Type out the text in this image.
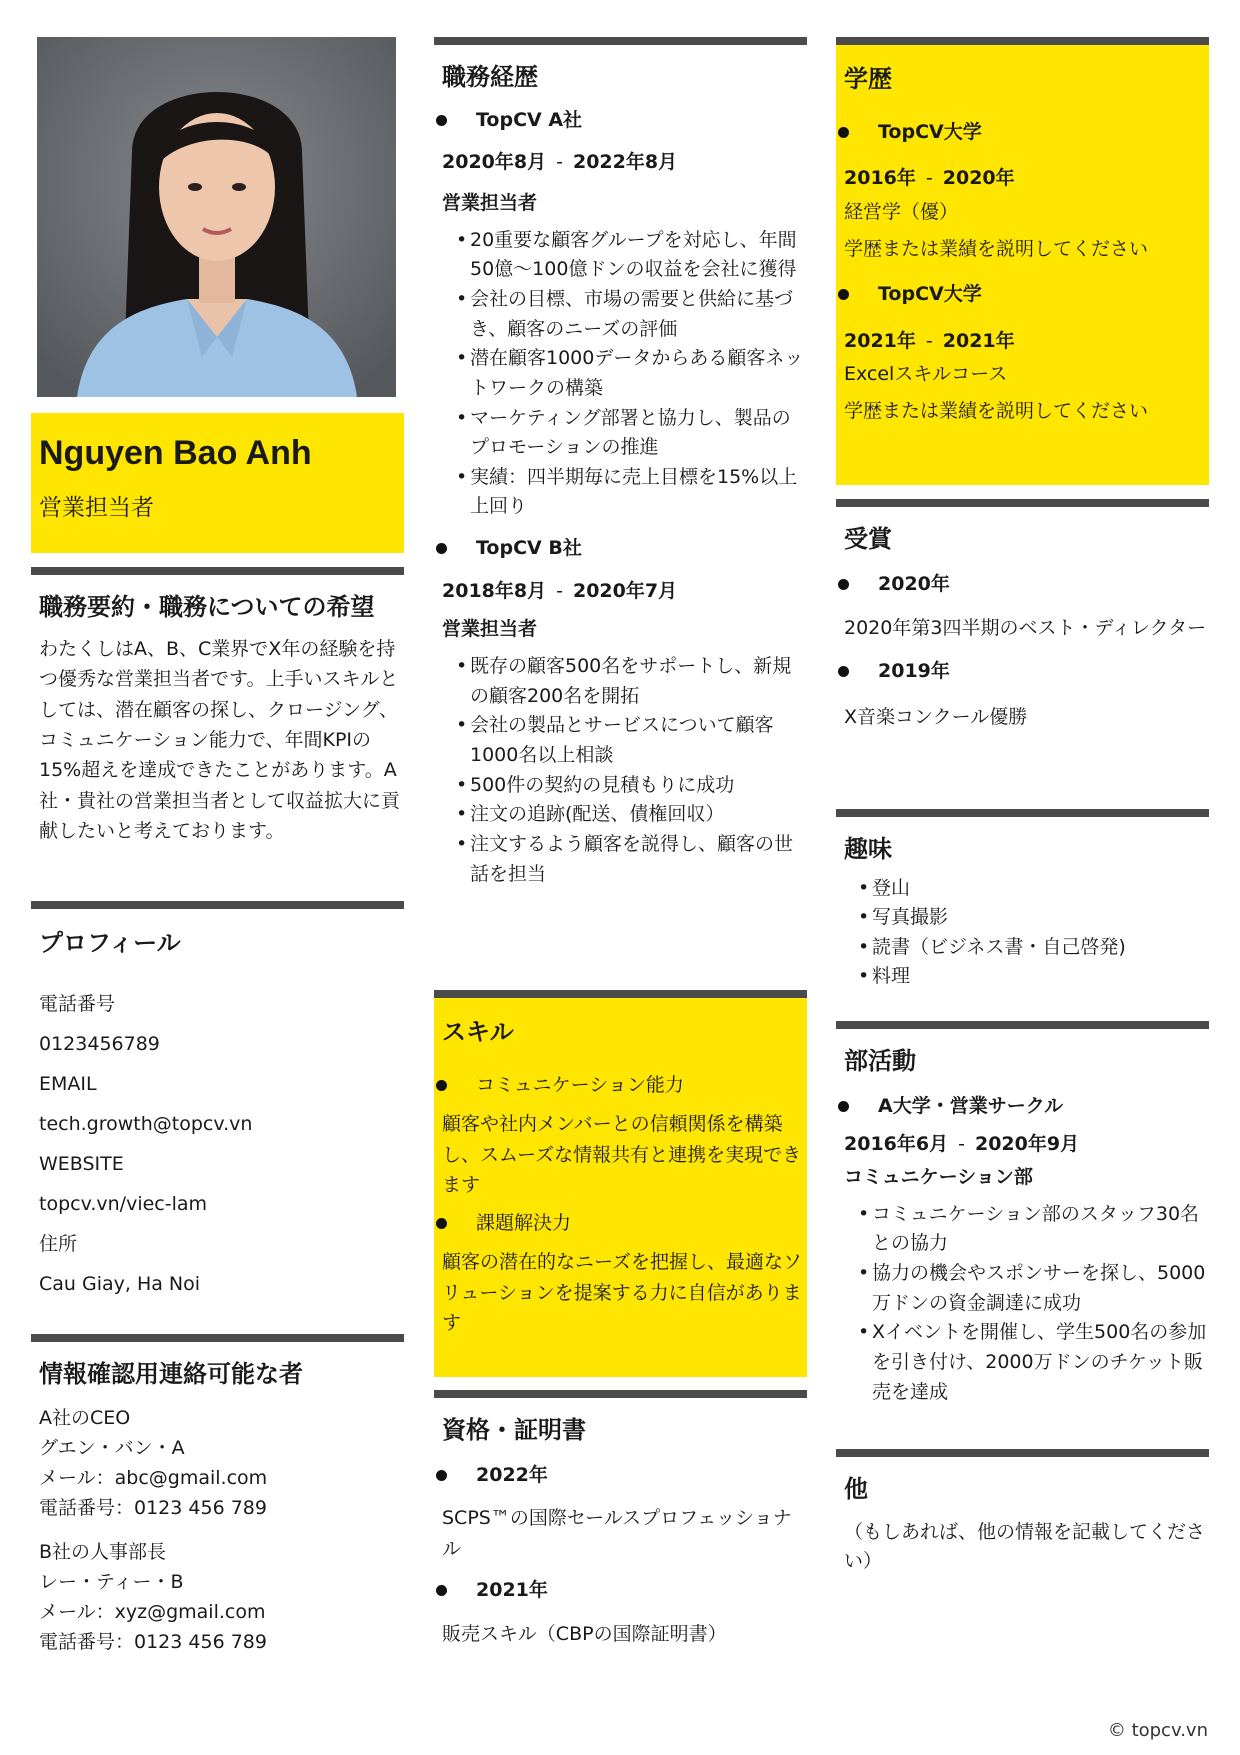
Nguyen Bao Anh
営業担当者
職務要約・職務についての希望
わたくしはA、B、C業界でX年の経験を持つ優秀な営業担当者です。上手いスキルとしては、潜在顧客の探し、クロージング、コミュニケーション能力で、年間KPIの15%超えを達成できたことがあります。A社・貴社の営業担当者として収益拡大に貢献したいと考えております。
プロフィール
電話番号
0123456789
EMAIL
tech.growth@topcv.vn
WEBSITE
topcv.vn/viec-lam
住所
Cau Giay, Ha Noi
情報確認用連絡可能な者
A社のCEO
グエン・バン・A
メール：abc@gmail.com
電話番号：0123 456 789
B社の人事部長
レー・ティー・B
メール：xyz@gmail.com
電話番号：0123 456 789
職務経歴
TopCV A社
2020年8月 - 2022年8月
営業担当者
• 20重要な顧客グループを対応し、年間 50億～100億ドンの収益を会社に獲得
• 会社の目標、市場の需要と供給に基づき、顧客のニーズの評価
• 潜在顧客1000データからある顧客ネットワークの構築
• マーケティング部署と協力し、製品のプロモーションの推進
• 実績：四半期毎に売上目標を15%以上上回り
TopCV B社
2018年8月 - 2020年7月
営業担当者
• 既存の顧客500名をサポートし、新規の顧客200名を開拓
• 会社の製品とサービスについて顧客1000名以上相談
• 500件の契約の見積もりに成功
• 注文の追跡(配送、債権回収）
• 注文するよう顧客を説得し、顧客の世話を担当
スキル
コミュニケーション能力
顧客や社内メンバーとの信頼関係を構築し、スムーズな情報共有と連携を実現できます
課題解決力
顧客の潜在的なニーズを把握し、最適なソリューションを提案する力に自信があります
資格・証明書
2022年
SCPS™の国際セールスプロフェッショナル
2021年
販売スキル（CBPの国際証明書）
学歴
TopCV大学
2016年 - 2020年
経営学（優）
学歴または業績を説明してください
TopCV大学
2021年 - 2021年
Excelスキルコース
学歴または業績を説明してください
受賞
2020年
2020年第3四半期のベスト・ディレクター
2019年
X音楽コンクール優勝
趣味
• 登山
• 写真撮影
• 読書（ビジネス書・自己啓発)
• 料理
部活動
A大学・営業サークル
2016年6月 - 2020年9月
コミュニケーション部
• コミュニケーション部のスタッフ30名との協力
• 協力の機会やスポンサーを探し、5000万ドンの資金調達に成功
• Xイベントを開催し、学生500名の参加を引き付け、2000万ドンのチケット販売を達成
他
（もしあれば、他の情報を記載してください）
© topcv.vn
